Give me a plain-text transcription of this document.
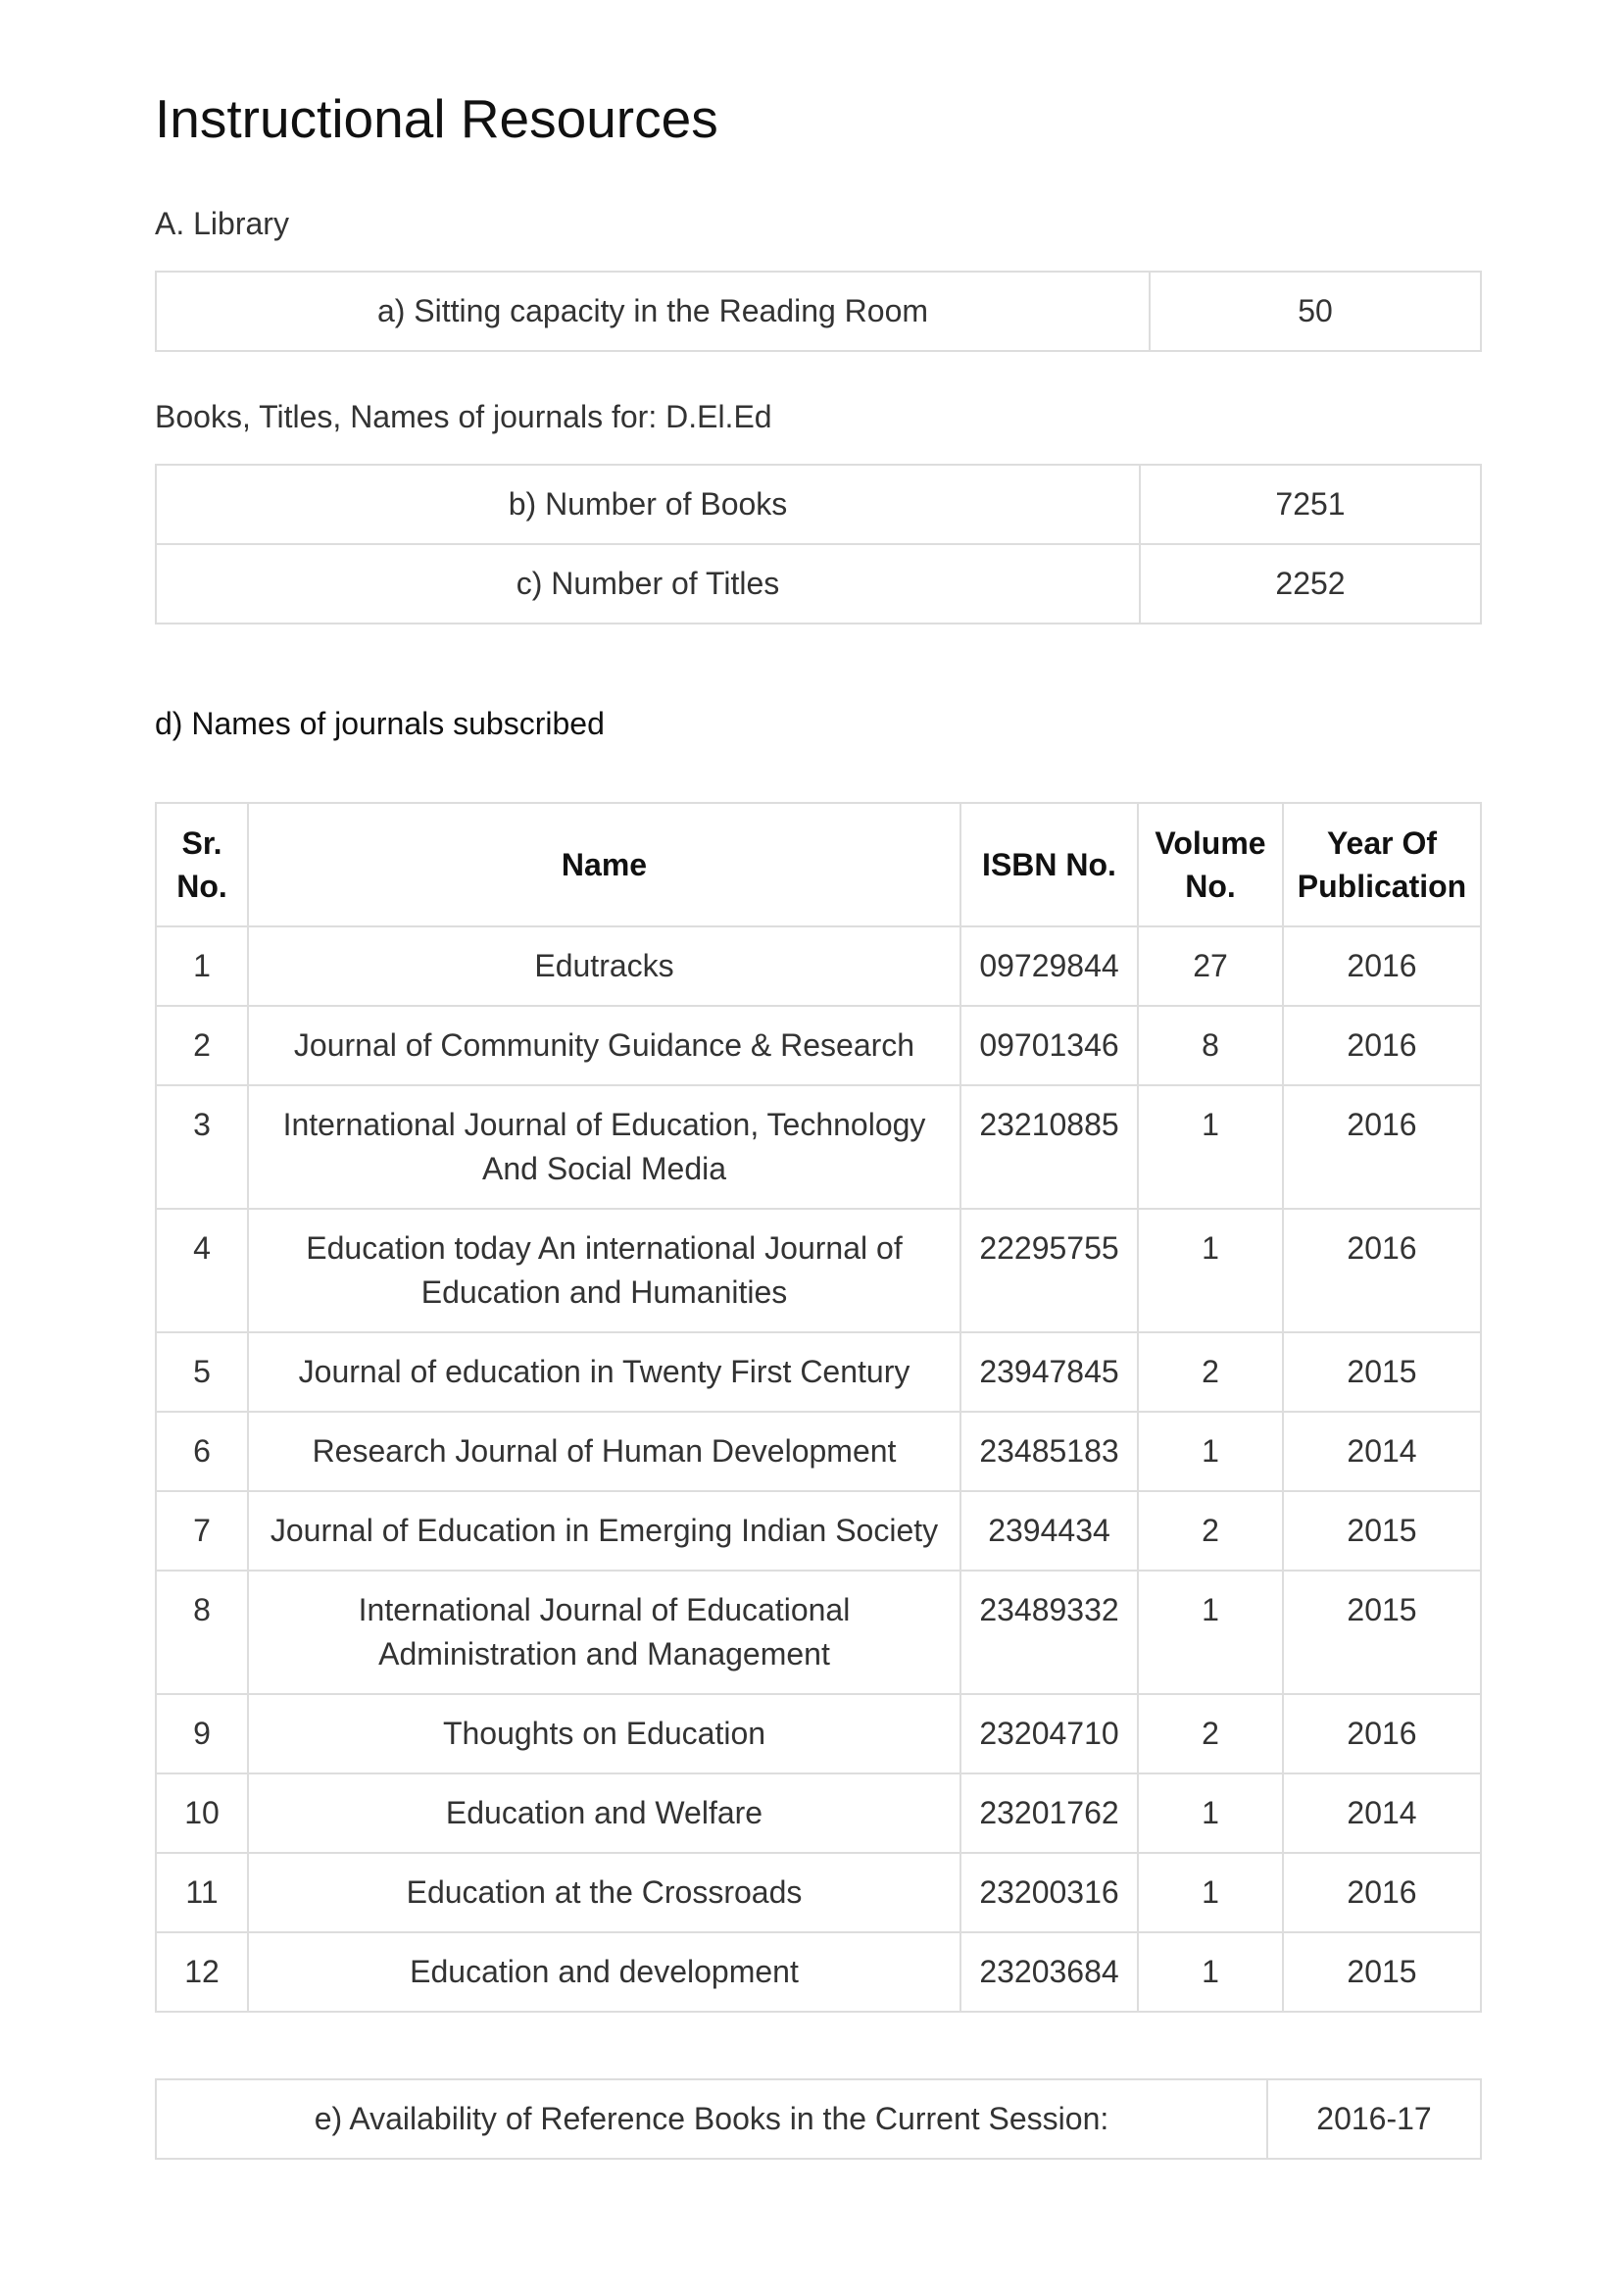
Instructional Resources

A. Library

a) Sitting capacity in the Reading Room	50

Books, Titles, Names of journals for: D.El.Ed

b) Number of Books	7251
c) Number of Titles	2252

d) Names of journals subscribed

Sr. No.	Name	ISBN No.	Volume No.	Year Of Publication
1	Edutracks	09729844	27	2016
2	Journal of Community Guidance & Research	09701346	8	2016
3	International Journal of Education, Technology And Social Media	23210885	1	2016
4	Education today An international Journal of Education and Humanities	22295755	1	2016
5	Journal of education in Twenty First Century	23947845	2	2015
6	Research Journal of Human Development	23485183	1	2014
7	Journal of Education in Emerging Indian Society	2394434	2	2015
8	International Journal of Educational Administration and Management	23489332	1	2015
9	Thoughts on Education	23204710	2	2016
10	Education and Welfare	23201762	1	2014
11	Education at the Crossroads	23200316	1	2016
12	Education and development	23203684	1	2015
e) Availability of Reference Books in the Current Session:	2016-17
